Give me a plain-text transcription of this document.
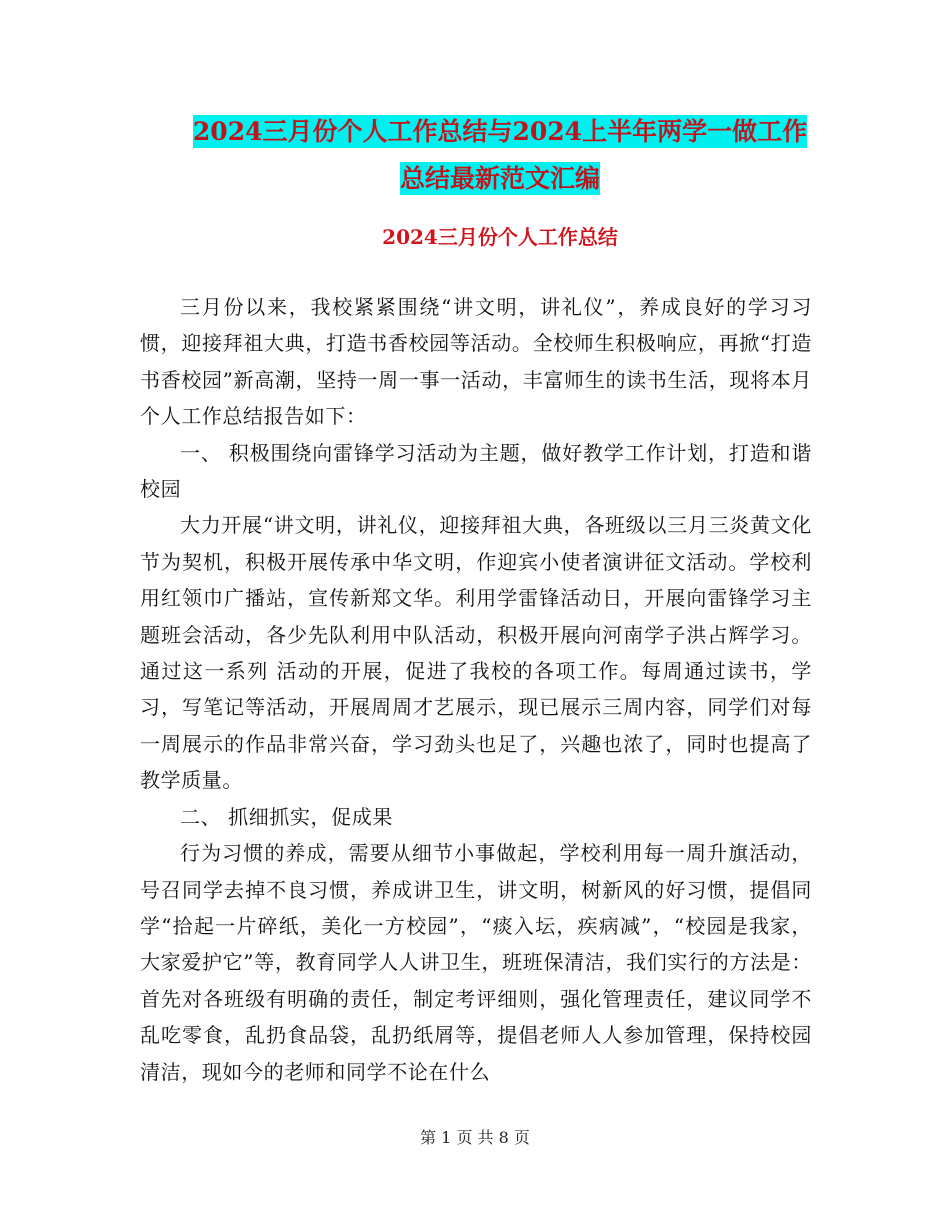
2024三月份个人工作总结与2024上半年两学一做工作
总结最新范文汇编
2024三月份个人工作总结

三月份以来，我校紧紧围绕“讲文明，讲礼仪”，养成良好的学习习惯，迎接拜祖大典，打造书香校园等活动。全校师生积极响应，再掀“打造书香校园”新高潮，坚持一周一事一活动，丰富师生的读书生活，现将本月个人工作总结报告如下：

一、 积极围绕向雷锋学习活动为主题，做好教学工作计划，打造和谐校园

大力开展“讲文明，讲礼仪，迎接拜祖大典，各班级以三月三炎黄文化节为契机，积极开展传承中华文明，作迎宾小使者演讲征文活动。学校利用红领巾广播站，宣传新郑文华。利用学雷锋活动日，开展向雷锋学习主题班会活动，各少先队利用中队活动，积极开展向河南学子洪占辉学习。通过这一系列 活动的开展，促进了我校的各项工作。每周通过读书，学习，写笔记等活动，开展周周才艺展示，现已展示三周内容，同学们对每一周展示的作品非常兴奋，学习劲头也足了，兴趣也浓了，同时也提高了教学质量。

二、 抓细抓实，促成果

行为习惯的养成，需要从细节小事做起，学校利用每一周升旗活动，号召同学去掉不良习惯，养成讲卫生，讲文明，树新风的好习惯，提倡同学“拾起一片碎纸，美化一方校园”，“痰入坛，疾病减”，“校园是我家，大家爱护它”等，教育同学人人讲卫生，班班保清洁，我们实行的方法是：首先对各班级有明确的责任，制定考评细则，强化管理责任，建议同学不乱吃零食，乱扔食品袋，乱扔纸屑等，提倡老师人人参加管理，保持校园清洁，现如今的老师和同学不论在什么

第 1 页 共 8 页
